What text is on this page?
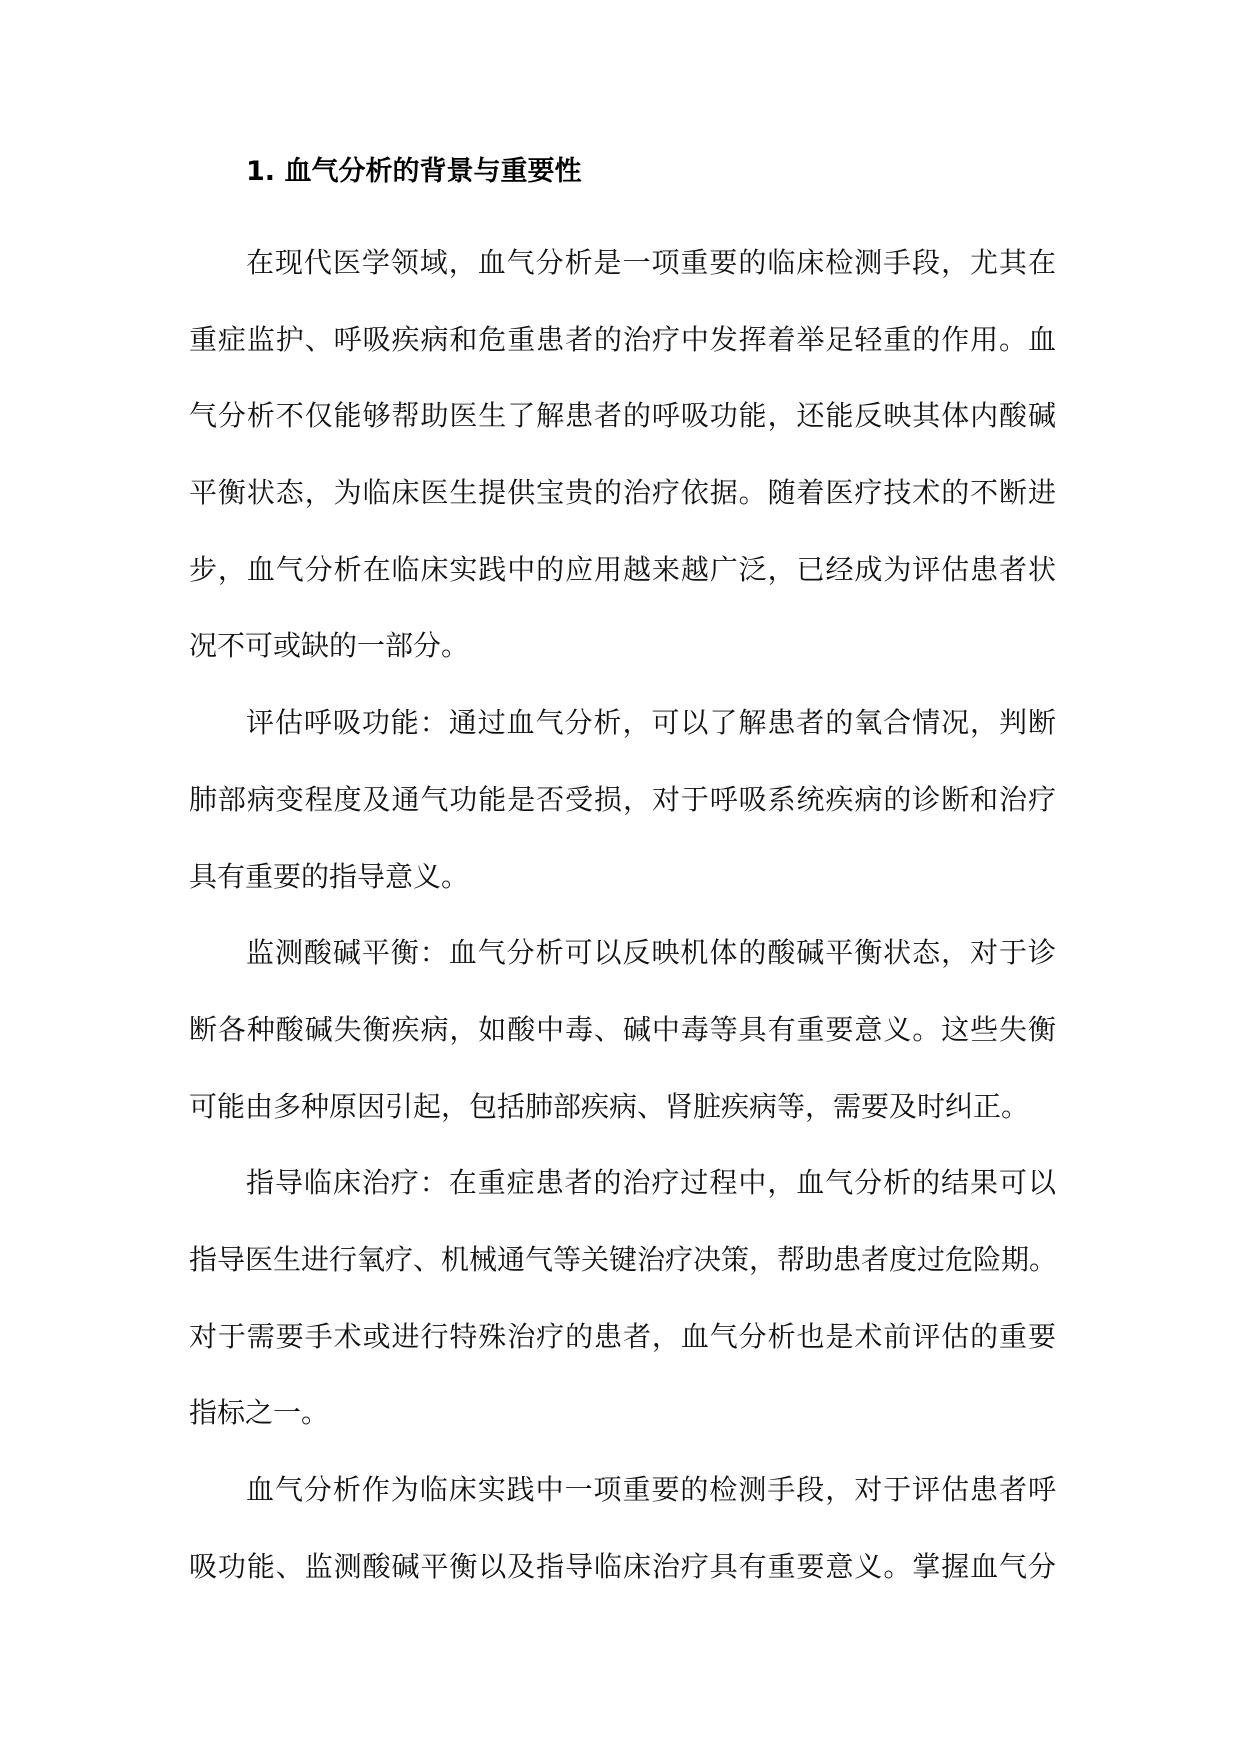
1. 血气分析的背景与重要性
在现代医学领域，血气分析是一项重要的临床检测手段，尤其在
重症监护、呼吸疾病和危重患者的治疗中发挥着举足轻重的作用。血
气分析不仅能够帮助医生了解患者的呼吸功能，还能反映其体内酸碱
平衡状态，为临床医生提供宝贵的治疗依据。随着医疗技术的不断进
步，血气分析在临床实践中的应用越来越广泛，已经成为评估患者状
况不可或缺的一部分。
评估呼吸功能：通过血气分析，可以了解患者的氧合情况，判断
肺部病变程度及通气功能是否受损，对于呼吸系统疾病的诊断和治疗
具有重要的指导意义。
监测酸碱平衡：血气分析可以反映机体的酸碱平衡状态，对于诊
断各种酸碱失衡疾病，如酸中毒、碱中毒等具有重要意义。这些失衡
可能由多种原因引起，包括肺部疾病、肾脏疾病等，需要及时纠正。
指导临床治疗：在重症患者的治疗过程中，血气分析的结果可以
指导医生进行氧疗、机械通气等关键治疗决策，帮助患者度过危险期。
对于需要手术或进行特殊治疗的患者，血气分析也是术前评估的重要
指标之一。
血气分析作为临床实践中一项重要的检测手段，对于评估患者呼
吸功能、监测酸碱平衡以及指导临床治疗具有重要意义。掌握血气分
